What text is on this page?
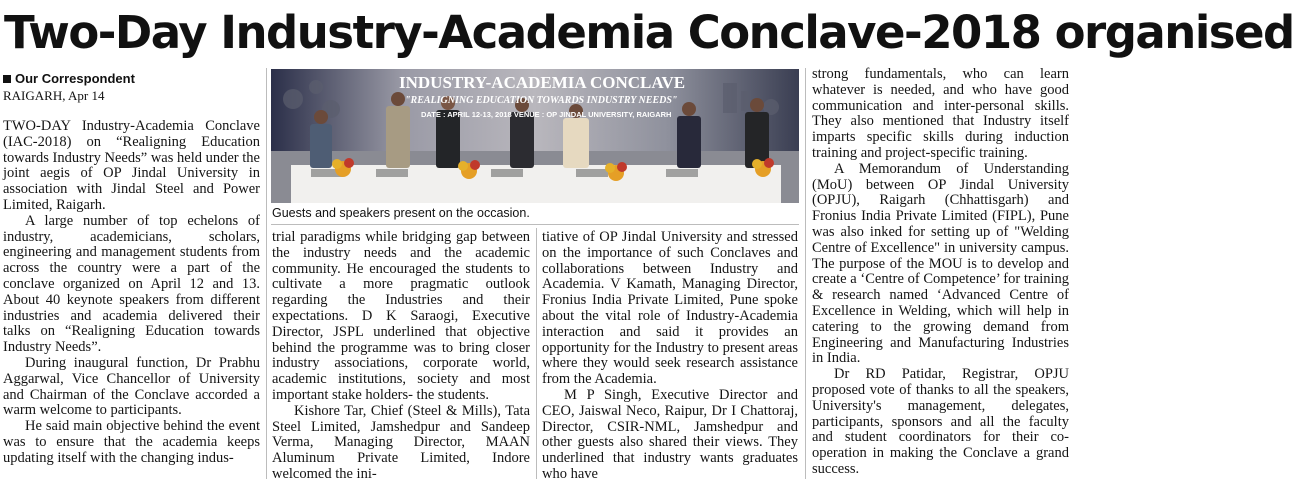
Two-Day Industry-Academia Conclave-2018 organised
Our Correspondent
RAIGARH, Apr 14
INDUSTRY-ACADEMIA CONCLAVE
"REALIGNING EDUCATION TOWARDS INDUSTRY NEEDS"
DATE : APRIL 12-13, 2018 VENUE : OP JINDAL UNIVERSITY, RAIGARH
Guests and speakers present on the occasion.

TWO-DAY Industry-Academia Conclave (IAC-2018) on “Realigning Education towards Industry Needs” was held under the joint aegis of OP Jindal University in association with Jindal Steel and Power Limited, Raigarh.

A large number of top echelons of industry, academicians, scholars, engineering and management students from across the country were a part of the conclave organized on April 12 and 13. About 40 keynote speakers from different industries and academia delivered their talks on “Realigning Education towards Industry Needs”.

During inaugural function, Dr Prabhu Aggarwal, Vice Chancellor of University and Chairman of the Conclave accorded a warm welcome to participants.

He said main objective behind the event was to ensure that the academia keeps updating itself with the changing indus-

trial paradigms while bridging gap between the industry needs and the academic community. He encouraged the students to cultivate a more pragmatic outlook regarding the Industries and their expectations. D K Saraogi, Executive Director, JSPL underlined that objective behind the programme was to bring closer industry associations, corporate world, academic institutions, society and most important stake holders- the students.

Kishore Tar, Chief (Steel & Mills), Tata Steel Limited, Jamshedpur and Sandeep Verma, Managing Director, MAAN Aluminum Private Limited, Indore welcomed the ini-

tiative of OP Jindal University and stressed on the importance of such Conclaves and collaborations between Industry and Academia. V Kamath, Managing Director, Fronius India Private Limited, Pune spoke about the vital role of Industry-Academia interaction and said it provides an opportunity for the Industry to present areas where they would seek research assistance from the Academia.

M P Singh, Executive Director and CEO, Jaiswal Neco, Raipur, Dr I Chattoraj, Director, CSIR-NML, Jamshedpur and other guests also shared their views. They underlined that industry wants graduates who have

strong fundamentals, who can learn whatever is needed, and who have good communication and inter-personal skills. They also mentioned that Industry itself imparts specific skills during induction training and project-specific training.

A Memorandum of Understanding (MoU) between OP Jindal University (OPJU), Raigarh (Chhattisgarh) and Fronius India Private Limited (FIPL), Pune was also inked for setting up of "Welding Centre of Excellence" in university campus. The purpose of the MOU is to develop and create a ‘Centre of Competence’ for training & research named ‘Advanced Centre of Excellence in Welding, which will help in catering to the growing demand from Engineering and Manufacturing Industries in India.

Dr RD Patidar, Registrar, OPJU proposed vote of thanks to all the speakers, University's management, delegates, participants, sponsors and all the faculty and student coordinators for their co-operation in making the Conclave a grand success.
